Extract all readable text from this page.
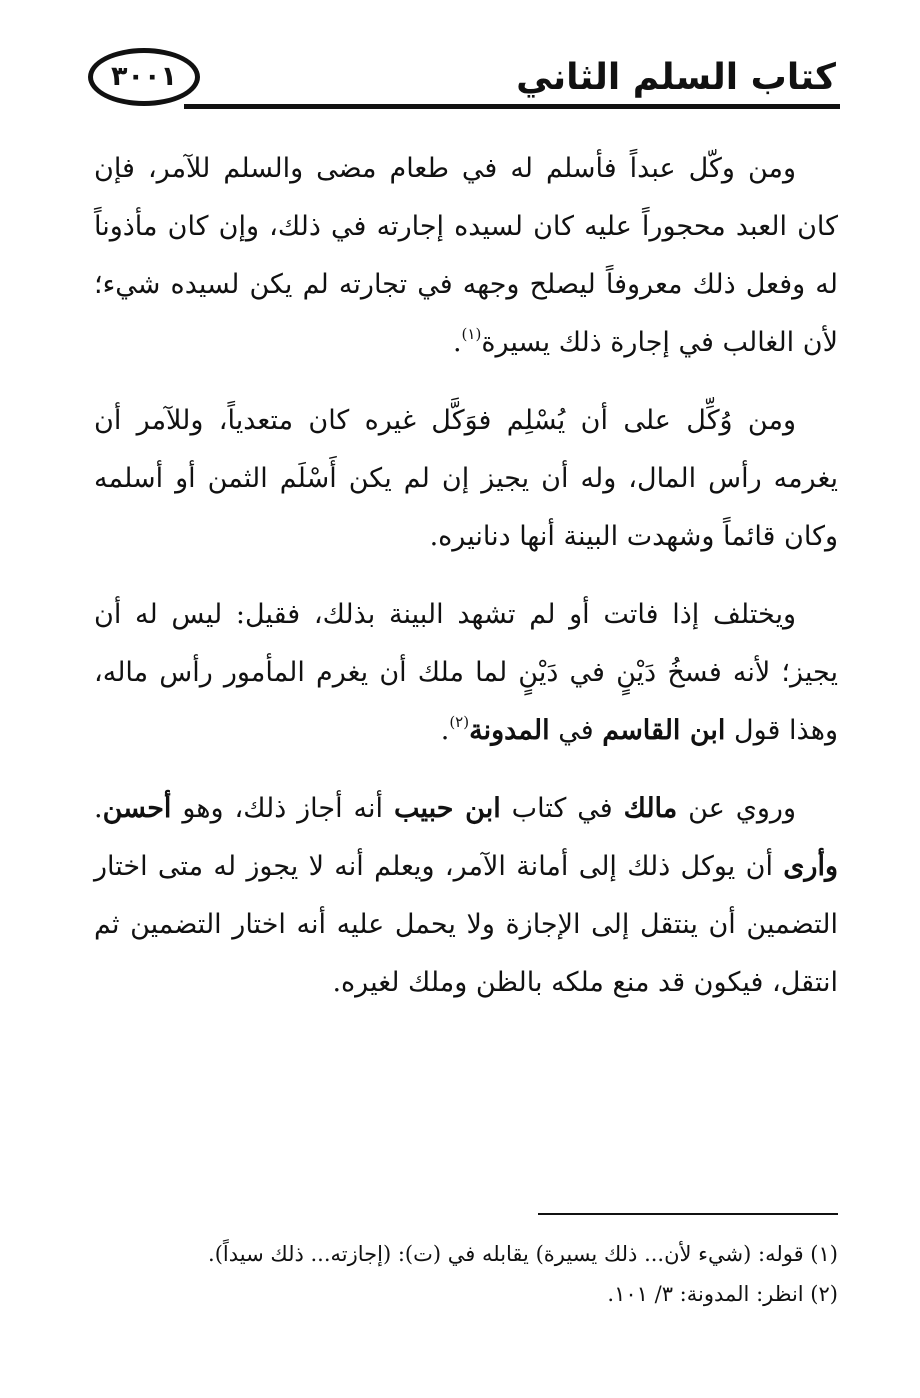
كتاب السلم الثاني
٣٠٠١

ومن وكّل عبداً فأسلم له في طعام مضى والسلم للآمر، فإن كان العبد محجوراً عليه كان لسيده إجارته في ذلك، وإن كان مأذوناً له وفعل ذلك معروفاً ليصلح وجهه في تجارته لم يكن لسيده شيء؛ لأن الغالب في إجارة ذلك يسيرة$^{(١)}$.

ومن وُكِّل على أن يُسْلِم فوَكَّل غيره كان متعدياً، وللآمر أن يغرمه رأس المال، وله أن يجيز إن لم يكن أَسْلَم الثمن أو أسلمه وكان قائماً وشهدت البينة أنها دنانيره.

ويختلف إذا فاتت أو لم تشهد البينة بذلك، فقيل: ليس له أن يجيز؛ لأنه فسخُ دَيْنٍ في دَيْنٍ لما ملك أن يغرم المأمور رأس ماله، وهذا قول ابن القاسم في المدونة$^{(٢)}$.

وروي عن مالك في كتاب ابن حبيب أنه أجاز ذلك، وهو أحسن. وأرى أن يوكل ذلك إلى أمانة الآمر، ويعلم أنه لا يجوز له متى اختار التضمين أن ينتقل إلى الإجازة ولا يحمل عليه أنه اختار التضمين ثم انتقل، فيكون قد منع ملكه بالظن وملك لغيره.

(١) قوله: (شيء لأن... ذلك يسيرة) يقابله في (ت): (إجازته... ذلك سيداً).

(٢) انظر: المدونة: ٣/ ١٠١.
